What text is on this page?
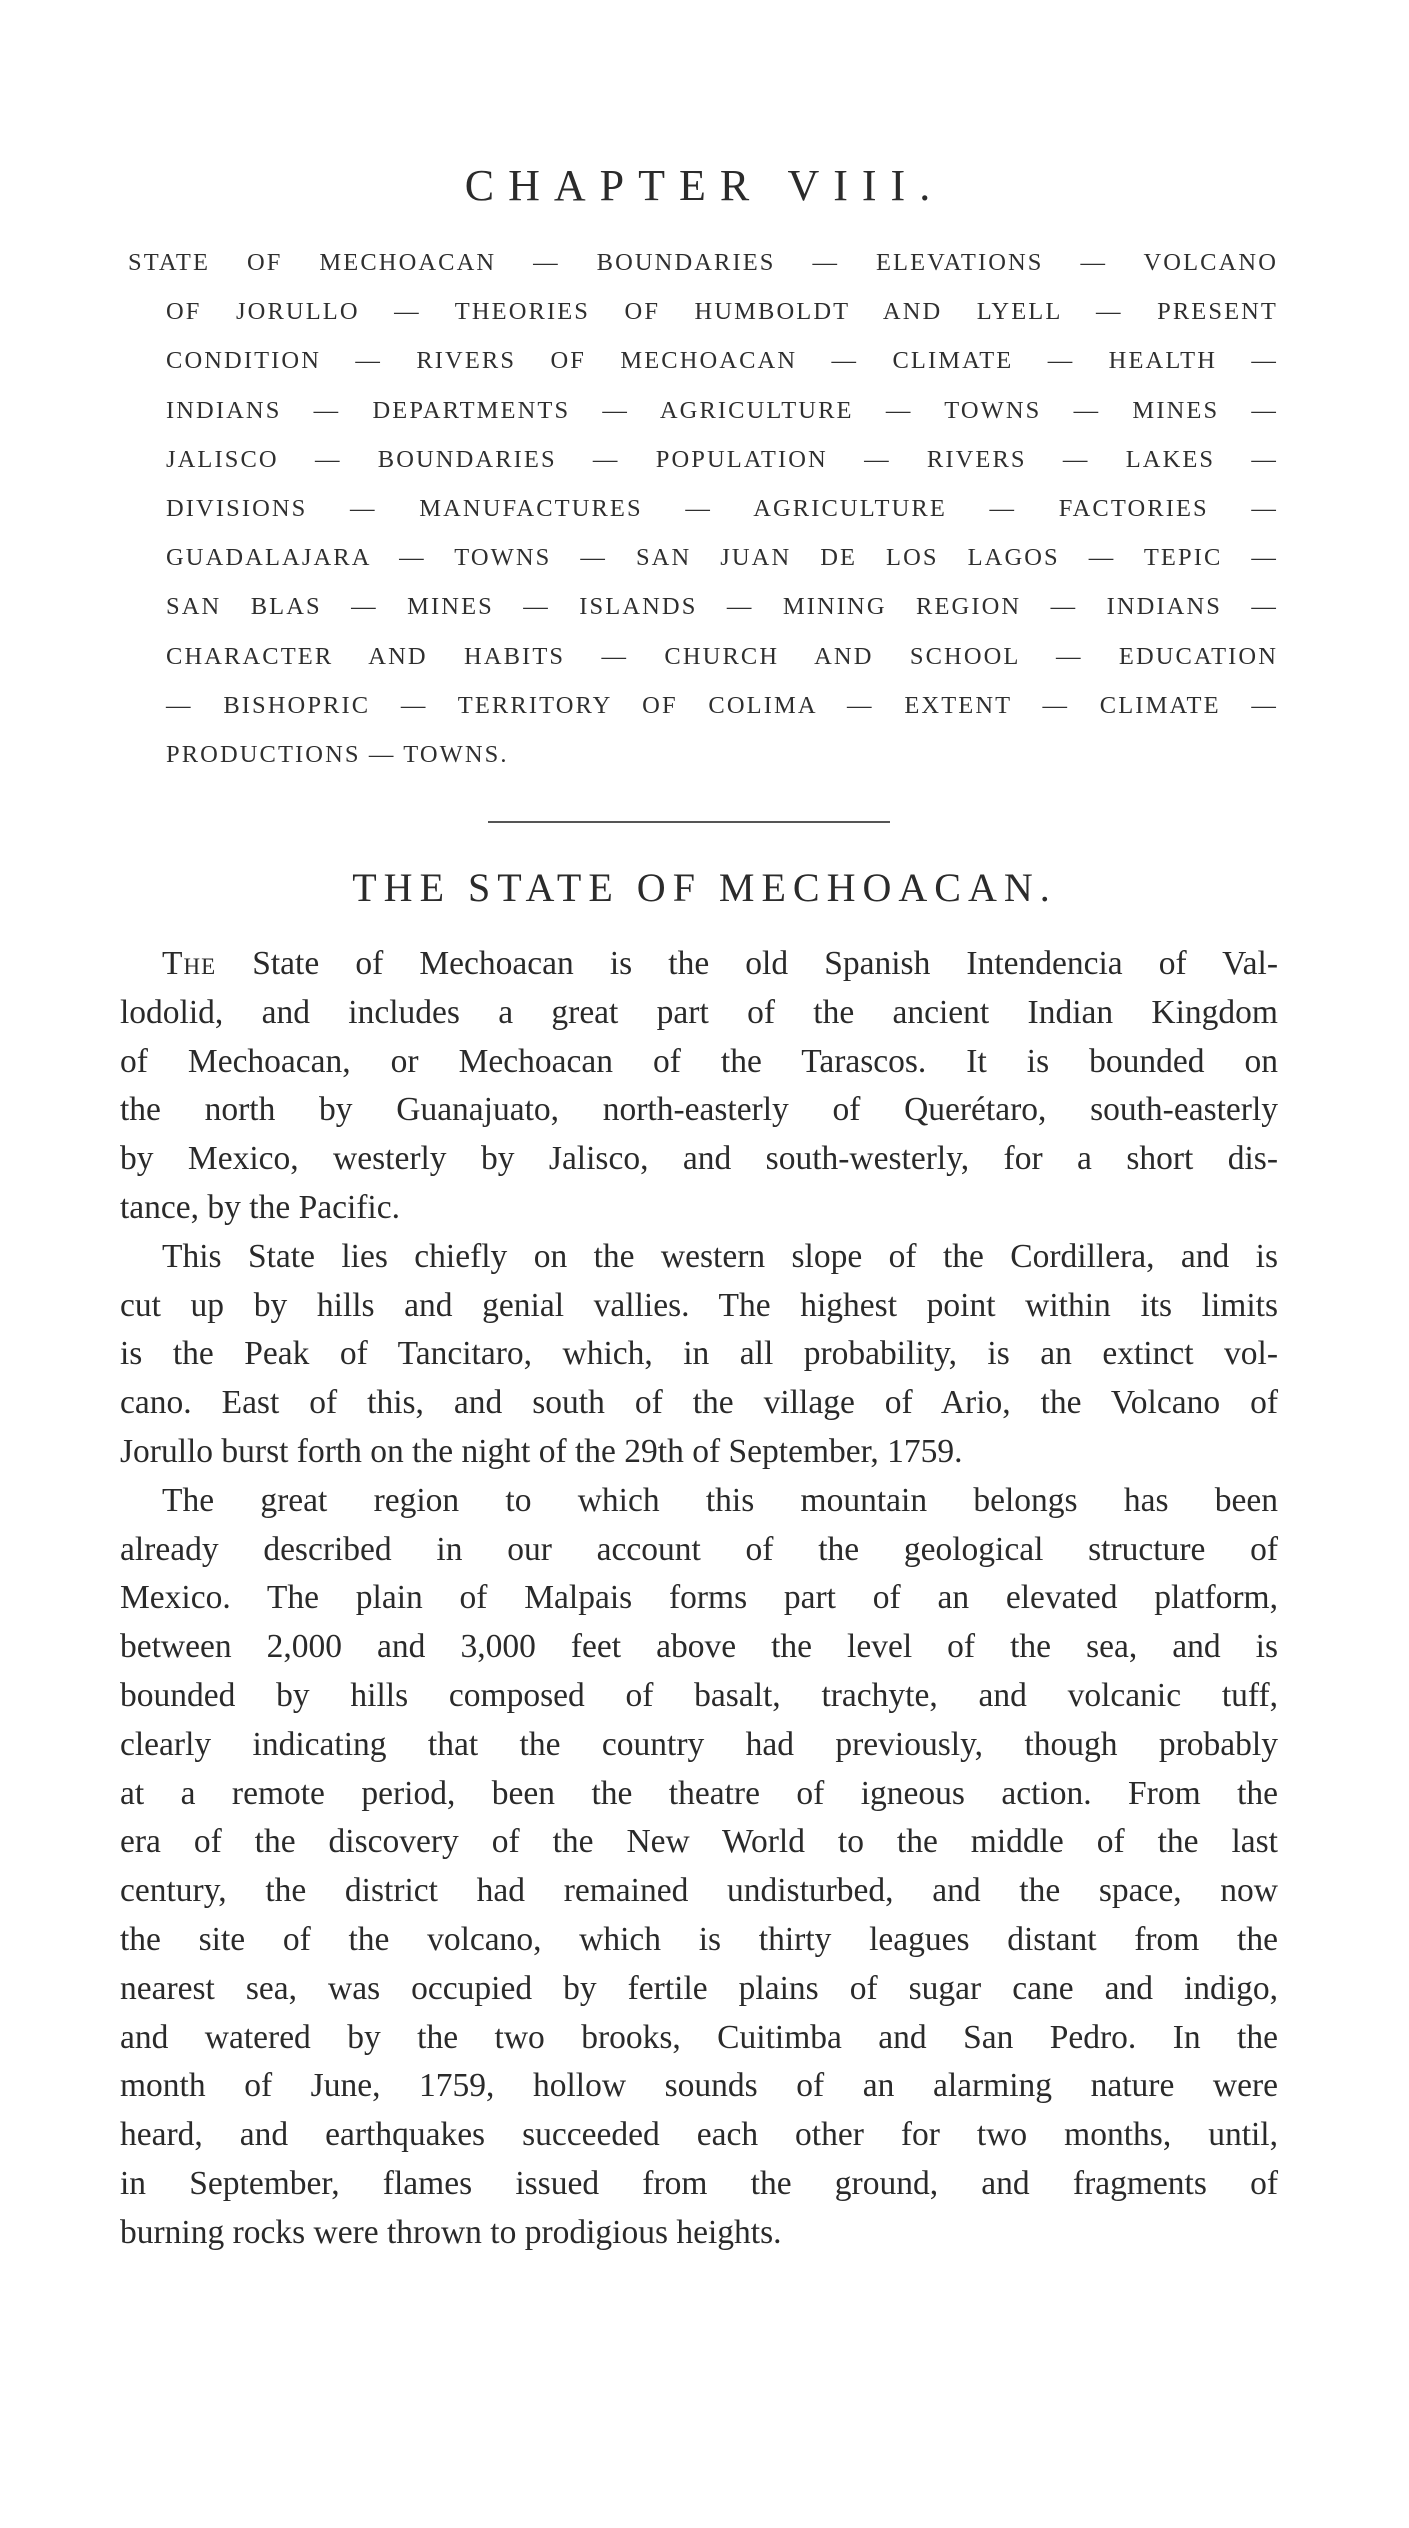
CHAPTER VIII.
STATE OF MECHOACAN — BOUNDARIES — ELEVATIONS — VOLCANO
OF JORULLO — THEORIES OF HUMBOLDT AND LYELL — PRESENT
CONDITION — RIVERS OF MECHOACAN — CLIMATE — HEALTH —
INDIANS — DEPARTMENTS — AGRICULTURE — TOWNS — MINES —
JALISCO — BOUNDARIES — POPULATION — RIVERS — LAKES —
DIVISIONS — MANUFACTURES — AGRICULTURE — FACTORIES —
GUADALAJARA — TOWNS — SAN JUAN DE LOS LAGOS — TEPIC —
SAN BLAS — MINES — ISLANDS — MINING REGION — INDIANS —
CHARACTER AND HABITS — CHURCH AND SCHOOL — EDUCATION
— BISHOPRIC — TERRITORY OF COLIMA — EXTENT — CLIMATE —
PRODUCTIONS — TOWNS.
THE STATE OF MECHOACAN.
The State of Mechoacan is the old Spanish Intendencia of Val-
lodolid, and includes a great part of the ancient Indian Kingdom
of Mechoacan, or Mechoacan of the Tarascos. It is bounded on
the north by Guanajuato, north-easterly of Querétaro, south-easterly
by Mexico, westerly by Jalisco, and south-westerly, for a short dis-
tance, by the Pacific.
This State lies chiefly on the western slope of the Cordillera, and is
cut up by hills and genial vallies. The highest point within its limits
is the Peak of Tancitaro, which, in all probability, is an extinct vol-
cano. East of this, and south of the village of Ario, the Volcano of
Jorullo burst forth on the night of the 29th of September, 1759.
The great region to which this mountain belongs has been
already described in our account of the geological structure of
Mexico. The plain of Malpais forms part of an elevated platform,
between 2,000 and 3,000 feet above the level of the sea, and is
bounded by hills composed of basalt, trachyte, and volcanic tuff,
clearly indicating that the country had previously, though probably
at a remote period, been the theatre of igneous action. From the
era of the discovery of the New World to the middle of the last
century, the district had remained undisturbed, and the space, now
the site of the volcano, which is thirty leagues distant from the
nearest sea, was occupied by fertile plains of sugar cane and indigo,
and watered by the two brooks, Cuitimba and San Pedro. In the
month of June, 1759, hollow sounds of an alarming nature were
heard, and earthquakes succeeded each other for two months, until,
in September, flames issued from the ground, and fragments of
burning rocks were thrown to prodigious heights.
